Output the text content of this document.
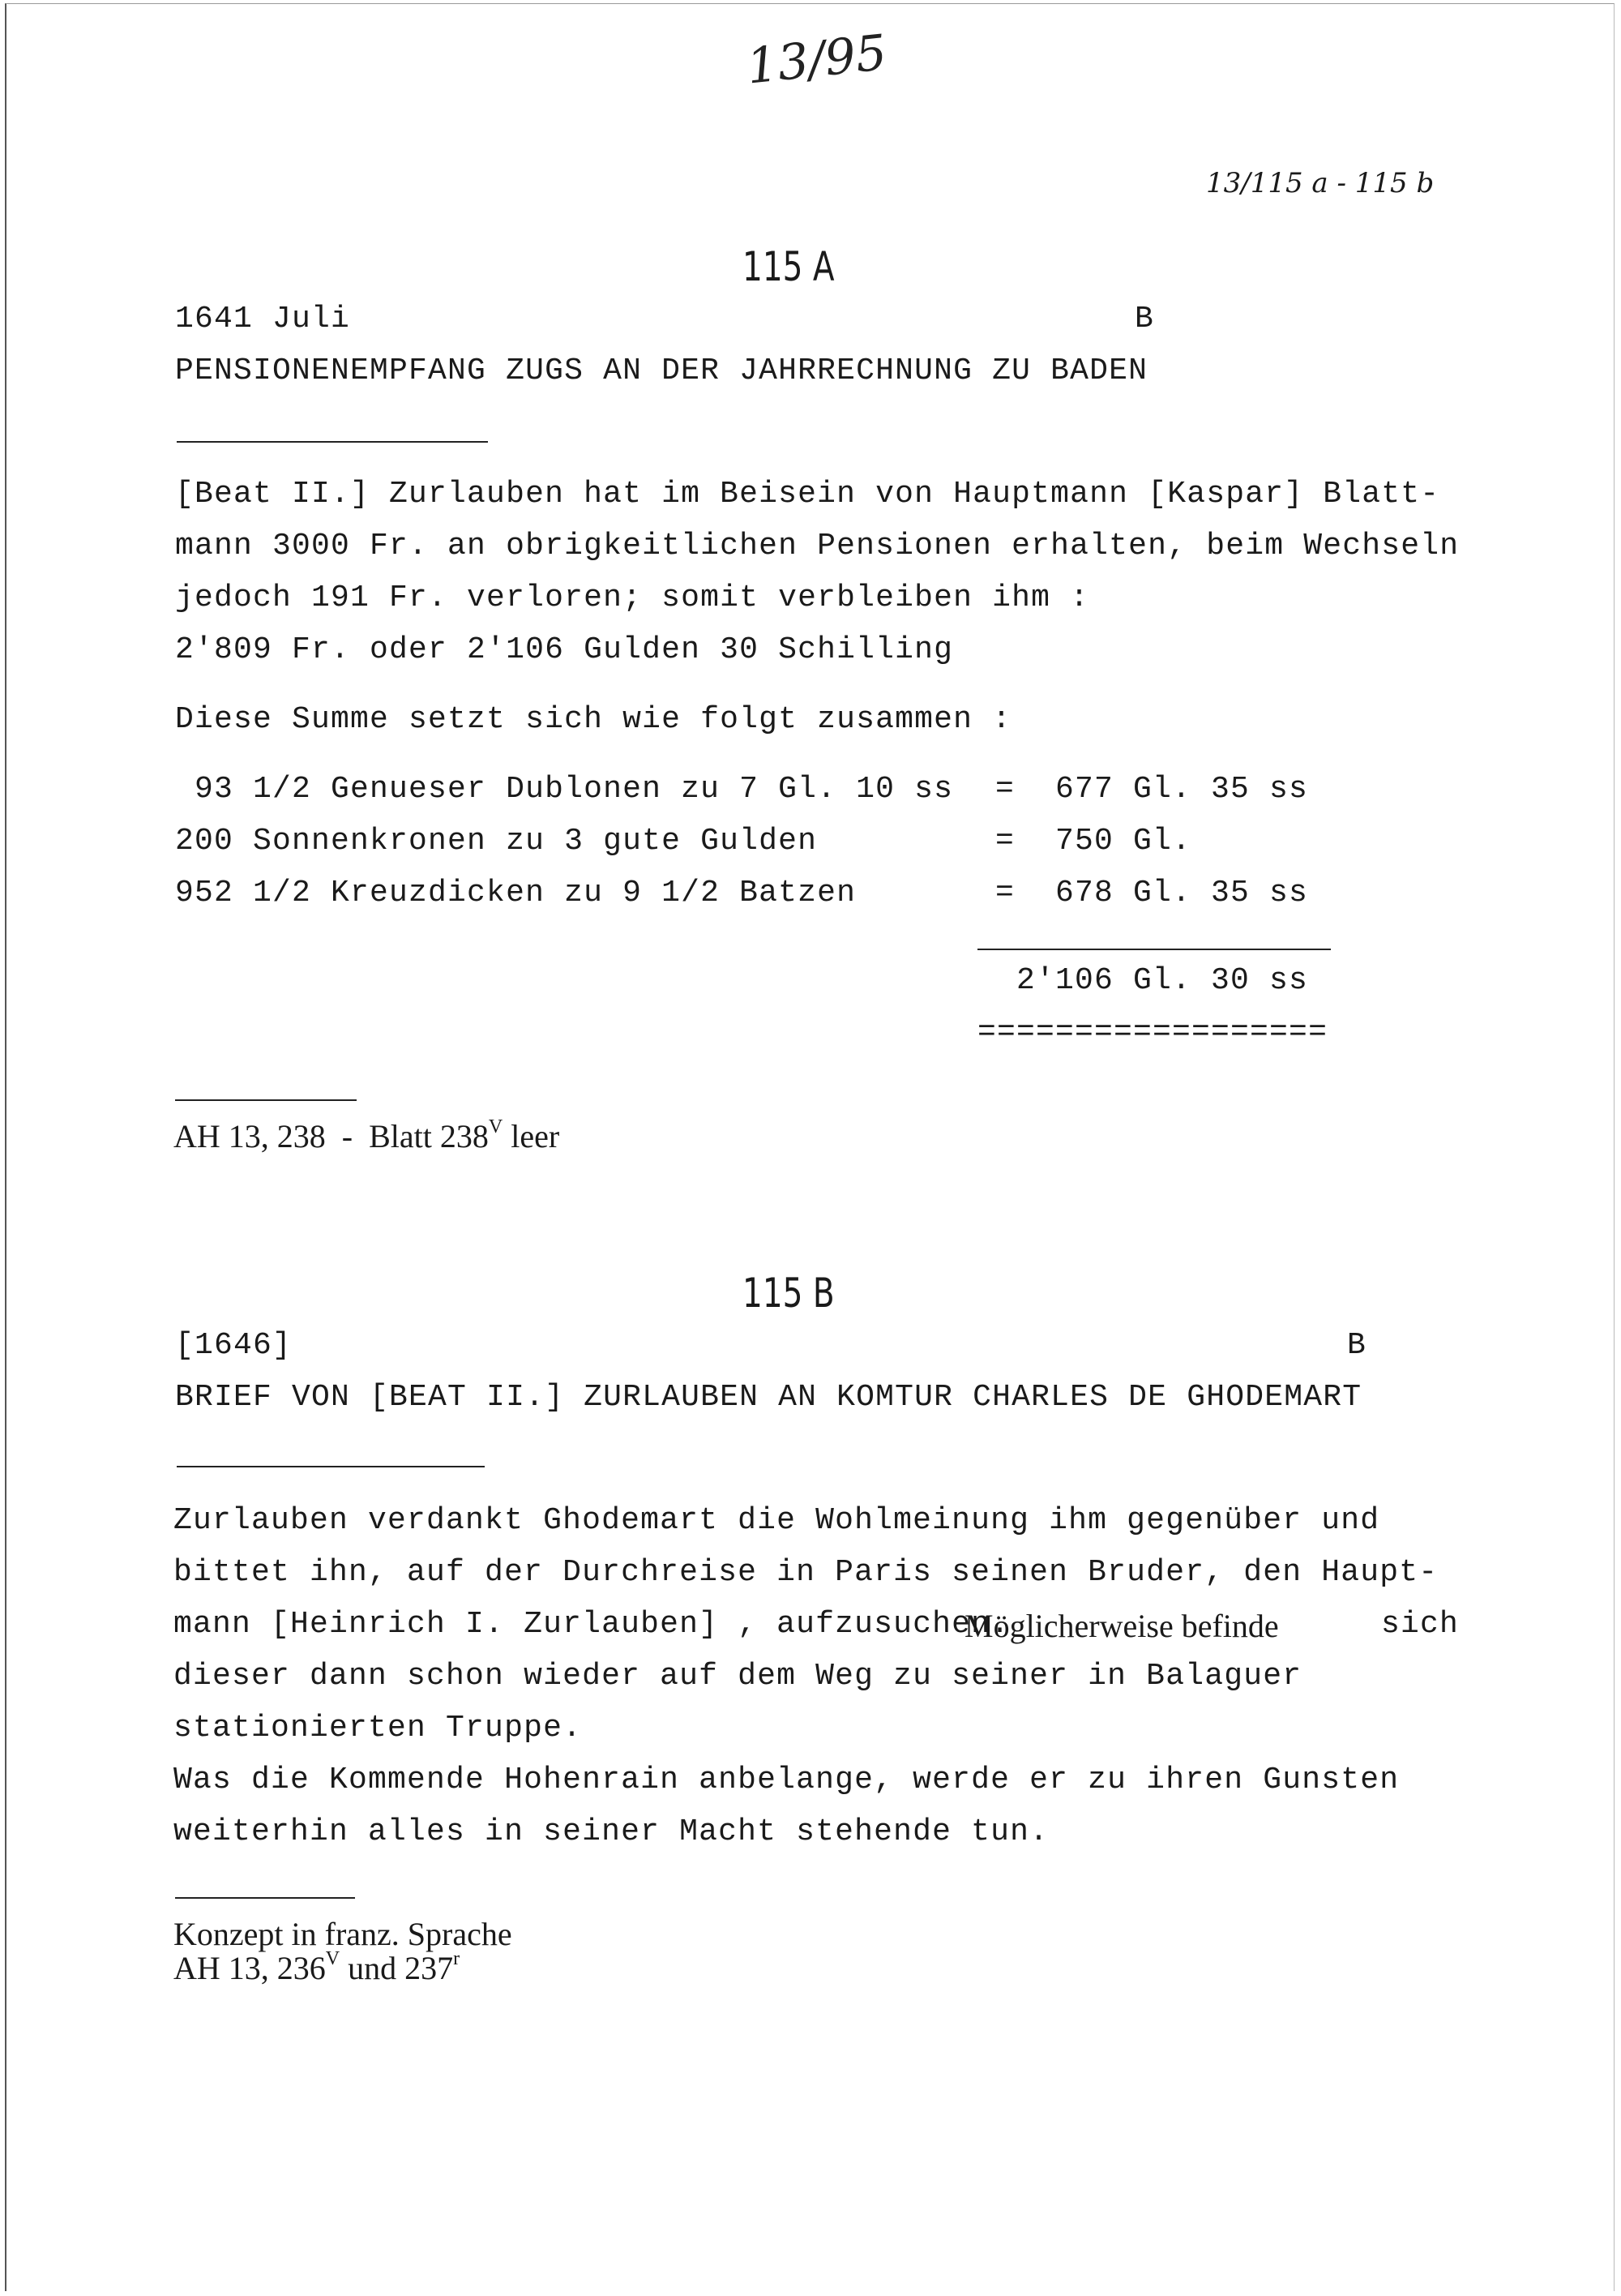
13/95
13/115 a - 115 b
115 A
1641 Juli	B
PENSIONENEMPFANG ZUGS AN DER JAHRRECHNUNG ZU BADEN
[Beat II.] Zurlauben hat im Beisein von Hauptmann [Kaspar] Blatt-
mann 3000 Fr. an obrigkeitlichen Pensionen erhalten, beim Wechseln
jedoch 191 Fr. verloren; somit verbleiben ihm :
2'809 Fr. oder 2'106 Gulden 30 Schilling
Diese Summe setzt sich wie folgt zusammen :
93 1/2 Genueser Dublonen zu 7 Gl. 10 ss = 677 Gl. 35 ss
200 Sonnenkronen zu 3 gute Gulden	= 750 Gl.
952 1/2 Kreuzdicken zu 9 1/2 Batzen	= 678 Gl. 35 ss
2'106 Gl. 30 ss
==================
AH 13, 238  -  Blatt $238^V$ leer
115 B
[1646]	B
BRIEF VON [BEAT II.] ZURLAUBEN AN KOMTUR CHARLES DE GHODEMART
Zurlauben verdankt Ghodemart die Wohlmeinung ihm gegenüber und
bittet ihn, auf der Durchreise in Paris seinen Bruder, den Haupt-
mann [Heinrich I. Zurlauben] , aufzusuchen.
Möglicherweise befinde	sich
dieser dann schon wieder auf dem Weg zu seiner in Balaguer
stationierten Truppe.
Was die Kommende Hohenrain anbelange, werde er zu ihren Gunsten
weiterhin alles in seiner Macht stehende tun.
Konzept in franz. Sprache
AH 13, $236^V$ und 237$^r$
